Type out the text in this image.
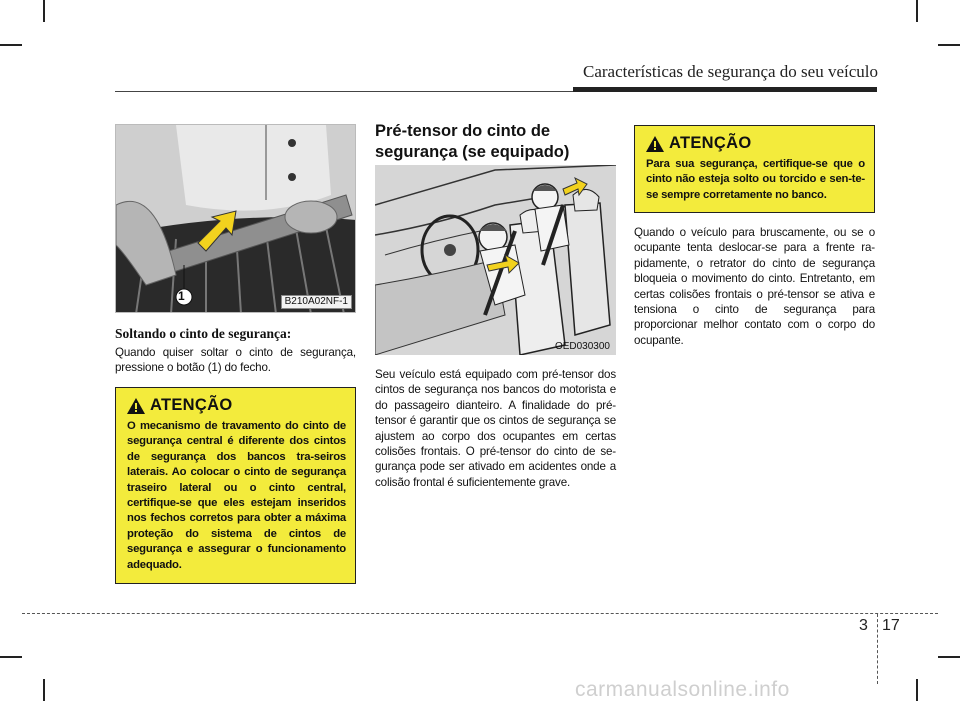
Características de segurança do seu veículo
1	B210A02NF-1
Soltando o cinto de segurança:
Quando quiser soltar o cinto de segurança, pressione o botão (1) do fecho.
ATENÇÃO
O mecanismo de travamento do cinto de segurança central é diferente dos cintos de segurança dos bancos tra-seiros laterais. Ao colocar o cinto de segurança traseiro lateral ou o cinto central, certifique-se que eles estejam inseridos nos fechos corretos para obter a máxima proteção do sistema de cintos de segurança e assegurar o funcionamento adequado.
Pré-tensor do cinto de segurança (se equipado)
OED030300
Seu veículo está equipado com pré-tensor dos cintos de segurança nos bancos do motorista e do passageiro dianteiro. A finalidade do pré-tensor é garantir que os cintos de segurança se ajustem ao corpo dos ocupantes em certas colisões frontais. O pré-tensor do cinto de se-gurança pode ser ativado em acidentes onde a colisão frontal é suficientemente grave.
ATENÇÃO
Para sua segurança, certifique-se que o cinto não esteja solto ou torcido e sen-te-se sempre corretamente no banco.
Quando o veículo para bruscamente, ou se o ocupante tenta deslocar-se para a frente ra-pidamente, o retrator do cinto de segurança bloqueia o movimento do cinto. Entretanto, em certas colisões frontais o pré-tensor se ativa e tensiona o cinto de segurança para proporcionar melhor contato com o corpo do ocupante.
3 17
carmanualsonline.info
